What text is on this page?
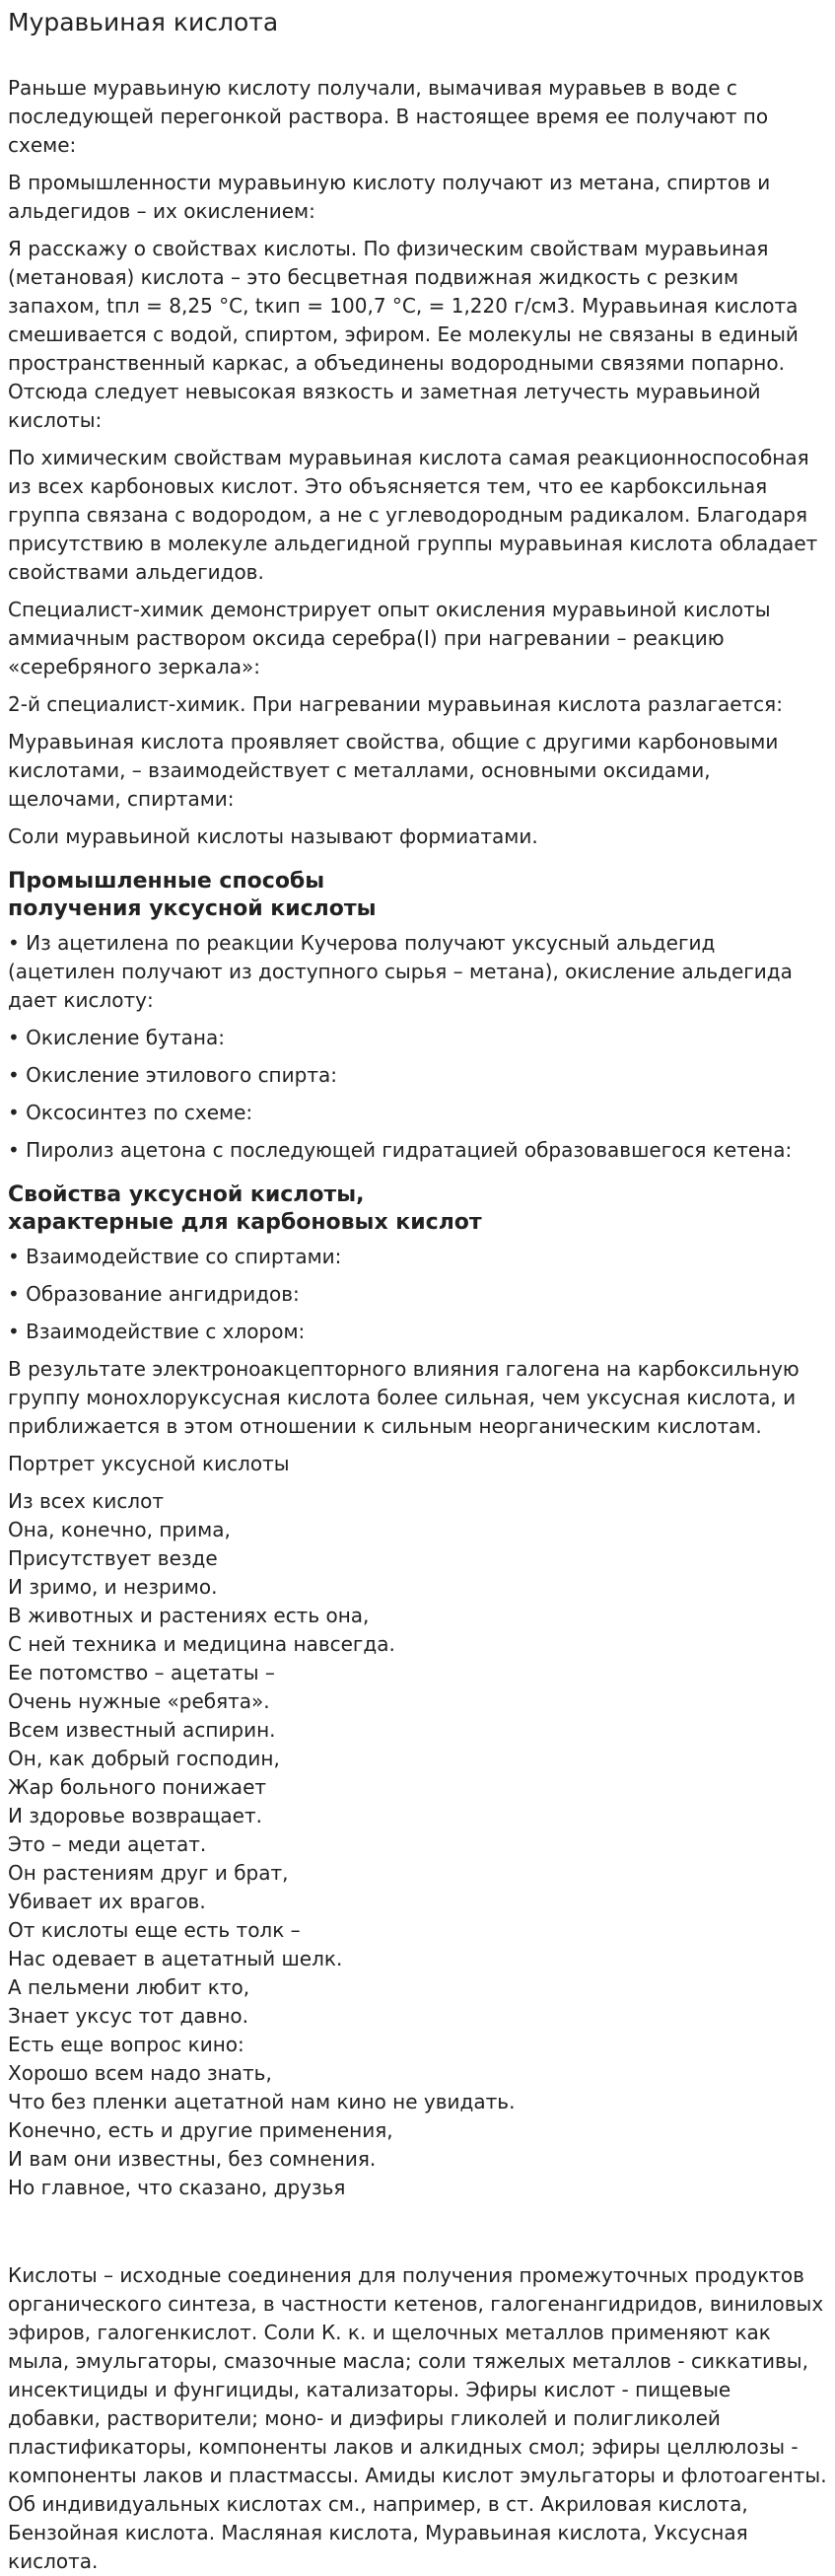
Муравьиная кислота

Раньше муравьиную кислоту получали, вымачивая муравьев в воде с последующей перегонкой раствора. В настоящее время ее получают по схеме:

В промышленности муравьиную кислоту получают из метана, спиртов и альдегидов – их окислением:

Я расскажу о свойствах кислоты. По физическим свойствам муравьиная (метановая) кислота – это бесцветная подвижная жидкость с резким запахом, tпл = 8,25 °С, tкип = 100,7 °С, = 1,220 г/см3. Муравьиная кислота смешивается с водой, спиртом, эфиром. Ее молекулы не связаны в единый пространственный каркас, а объединены водородными связями попарно. Отсюда следует невысокая вязкость и заметная летучесть муравьиной кислоты:

По химическим свойствам муравьиная кислота самая реакционноспособная из всех карбоновых кислот. Это объясняется тем, что ее карбоксильная группа связана с водородом, а не с углеводородным радикалом. Благодаря присутствию в молекуле альдегидной группы муравьиная кислота обладает свойствами альдегидов.

Специалист-химик демонстрирует опыт окисления муравьиной кислоты аммиачным раствором оксида серебра(I) при нагревании – реакцию «серебряного зеркала»:

2-й специалист-химик. При нагревании муравьиная кислота разлагается:

Муравьиная кислота проявляет свойства, общие с другими карбоновыми кислотами, – взаимодействует с металлами, основными оксидами, щелочами, спиртами:

Соли муравьиной кислоты называют формиатами.

Промышленные способы
получения уксусной кислоты

• Из ацетилена по реакции Кучерова получают уксусный альдегид (ацетилен получают из доступного сырья – метана), окисление альдегида дает кислоту:

• Окисление бутана:

• Окисление этилового спирта:

• Оксосинтез по схеме:

• Пиролиз ацетона с последующей гидратацией образовавшегося кетена:

Свойства уксусной кислоты,
характерные для карбоновых кислот

• Взаимодействие со спиртами:

• Образование ангидридов:

• Взаимодействие с хлором:

В результате электроноакцепторного влияния галогена на карбоксильную группу монохлоруксусная кислота более сильная, чем уксусная кислота, и приближается в этом отношении к сильным неорганическим кислотам.

Портрет уксусной кислоты

Из всех кислот
Она, конечно, прима,
Присутствует везде
И зримо, и незримо.
В животных и растениях есть она,
С ней техника и медицина навсегда.
Ее потомство – ацетаты –
Очень нужные «ребята».
Всем известный аспирин.
Он, как добрый господин,
Жар больного понижает
И здоровье возвращает.
Это – меди ацетат.
Он растениям друг и брат,
Убивает их врагов.
От кислоты еще есть толк –
Нас одевает в ацетатный шелк.
А пельмени любит кто,
Знает уксус тот давно.
Есть еще вопрос кино:
Хорошо всем надо знать,
Что без пленки ацетатной нам кино не увидать.
Конечно, есть и другие применения,
И вам они известны, без сомнения.
Но главное, что сказано, друзья

Кислоты – исходные соединения для получения промежуточных продуктов органического синтеза, в частности кетенов, галогенангидридов, виниловых эфиров, галогенкислот. Соли К. к. и щелочных металлов применяют как мыла, эмульгаторы, смазочные масла; соли тяжелых металлов - сиккативы, инсектициды и фунгициды, катализаторы. Эфиры кислот - пищевые добавки, растворители; моно- и диэфиры гликолей и полигликолей пластификаторы, компоненты лаков и алкидных смол; эфиры целлюлозы - компоненты лаков и пластмассы. Амиды кислот эмульгаторы и флотоагенты. Об индивидуальных кислотах см., например, в ст. Акриловая кислота, Бензойная кислота. Масляная кислота, Муравьиная кислота, Уксусная кислота.
